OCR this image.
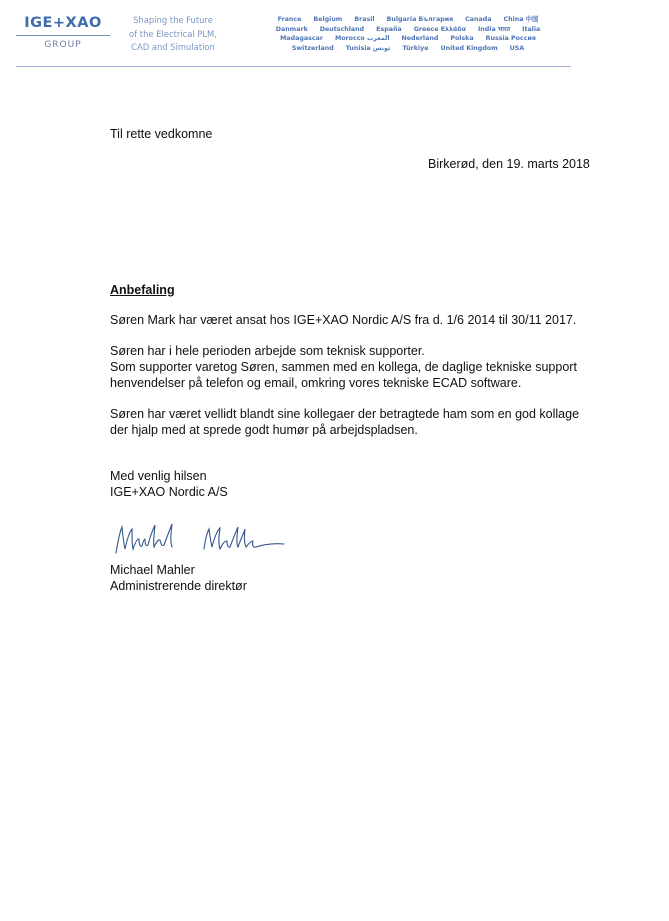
IGE+XAO
GROUP
Shaping the Future
of the Electrical PLM,
CAD and Simulation
France Belgium Brasil Bulgaria България Canada China 中国
Danmark Deutschland España Greece Ελλάδα India भारत Italia
Madagascar Morocco المغرب Nederland Polska Russia Россия
Switzerland Tunisia تونس Türkiye United Kingdom USA
Til rette vedkomne
Birkerød, den 19. marts 2018
Anbefaling
Søren Mark har været ansat hos IGE+XAO Nordic A/S fra d. 1/6 2014 til 30/11 2017.
Søren har i hele perioden arbejde som teknisk supporter.
Som supporter varetog Søren, sammen med en kollega, de daglige tekniske support
henvendelser på telefon og email, omkring vores tekniske ECAD software.
Søren har været vellidt blandt sine kollegaer der betragtede ham som en god kollage
der hjalp med at sprede godt humør på arbejdspladsen.
Med venlig hilsen
IGE+XAO Nordic A/S
Michael Mahler
Administrerende direktør
